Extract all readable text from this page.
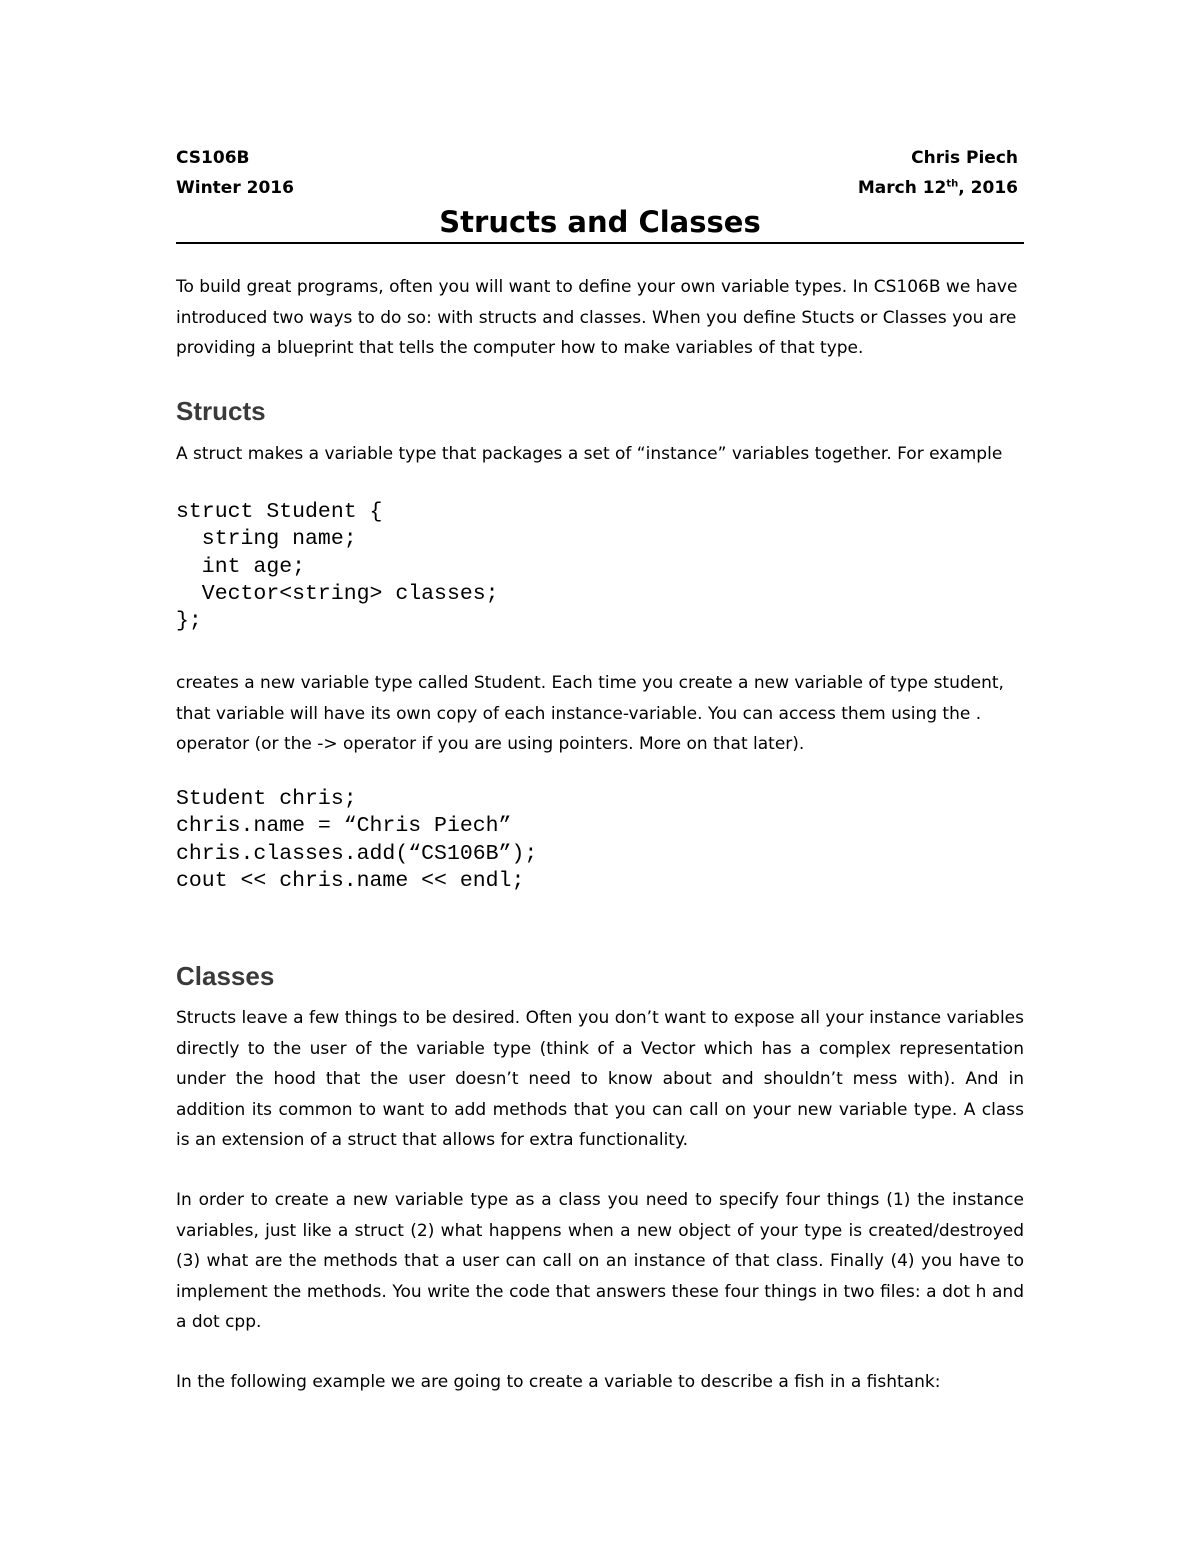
CS106B	Chris Piech
Winter 2016	March 12th, 2016
Structs and Classes

To build great programs, often you will want to define your own variable types. In CS106B we have introduced two ways to do so: with structs and classes. When you define Stucts or Classes you are providing a blueprint that tells the computer how to make variables of that type.

Structs

A struct makes a variable type that packages a set of “instance” variables together. For example

struct Student {
string name;
int age;
Vector<string> classes;
};

creates a new variable type called Student. Each time you create a new variable of type student, that variable will have its own copy of each instance-variable. You can access them using the . operator (or the -> operator if you are using pointers. More on that later).

Student chris;
chris.name = “Chris Piech”
chris.classes.add(“CS106B”);
cout << chris.name << endl;
Classes

Structs leave a few things to be desired. Often you don’t want to expose all your instance variables directly to the user of the variable type (think of a Vector which has a complex representation under the hood that the user doesn’t need to know about and shouldn’t mess with). And in addition its common to want to add methods that you can call on your new variable type. A class is an extension of a struct that allows for extra functionality.

In order to create a new variable type as a class you need to specify four things (1) the instance variables, just like a struct (2) what happens when a new object of your type is created/destroyed (3) what are the methods that a user can call on an instance of that class. Finally (4) you have to implement the methods. You write the code that answers these four things in two files: a dot h and a dot cpp.

In the following example we are going to create a variable to describe a fish in a fishtank:
